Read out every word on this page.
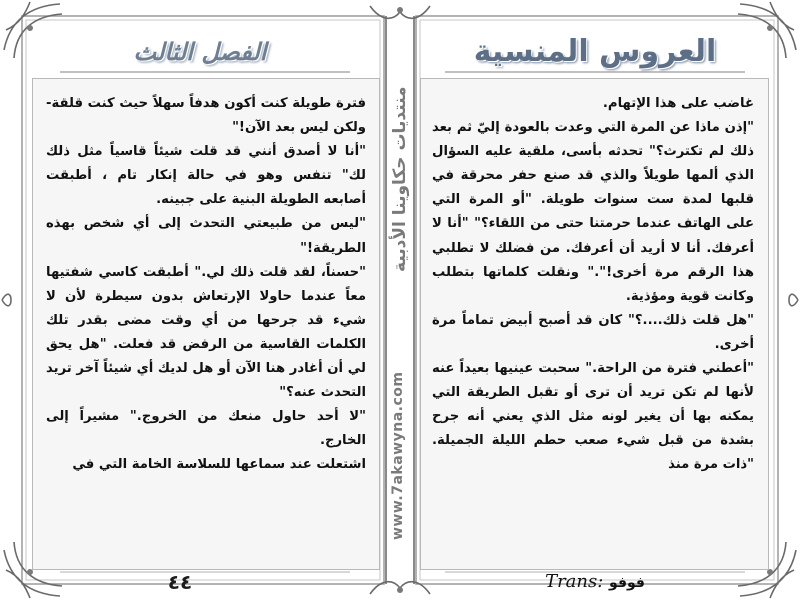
الفصل الثالث	العروس المنسية

فترة طويلة كنت أكون هدفاً سهلاً حيث كنت قلقة- ولكن ليس بعد الآن!"

"أنا لا أصدق أنني قد قلت شيئاً قاسياً مثل ذلك لك" تنفس وهو في حالة إنكار تام ، أطبقت أصابعه الطويلة البنية على جبينه.

"ليس من طبيعتي التحدث إلى أي شخص بهذه الطريقة!"

"حسناً، لقد قلت ذلك لي." أطبقت كاسي شفتيها معاً عندما حاولا الإرتعاش بدون سيطرة لأن لا شيء قد جرحها من أي وقت مضى بقدر تلك الكلمات القاسية من الرفض قد فعلت. "هل يحق لي أن أغادر هنا الآن أو هل لديك أي شيئاً آخر تريد التحدث عنه؟"

"لا أحد حاول منعك من الخروج." مشيراً إلى الخارج.

اشتعلت عند سماعها للسلاسة الخامة التي في

غاضب على هذا الإتهام.

"إذن ماذا عن المرة التي وعدت بالعودة إليّ ثم بعد ذلك لم تكترث؟" تحدثه بأسى، ملقية عليه السؤال الذي ألمها طويلاً والذي قد صنع حفر محرقة في قلبها لمدة ست سنوات طويلة. "أو المرة التي على الهاتف عندما حرمتنا حتى من اللقاء؟" "أنا لا أعرفك. أنا لا أريد أن أعرفك. من فضلك لا تطلبي هذا الرقم مرة أخرى!"." ونقلت كلماتها بتطلب وكانت قوية ومؤذية.

"هل قلت ذلك....؟" كان قد أصبح أبيض تماماً مرة أخرى.

"أعطني فترة من الراحة." سحبت عينيها بعيداً عنه لأنها لم تكن تريد أن ترى أو تقبل الطريقة التي يمكنه بها أن يغير لونه مثل الذي يعني أنه جرح بشدة من قبل شيء صعب حطم الليلة الجميلة. "ذات مرة منذ

منتديات حكاوينا الأدبية
www.7akawyna.com
٤٤	Trans: فوفو
